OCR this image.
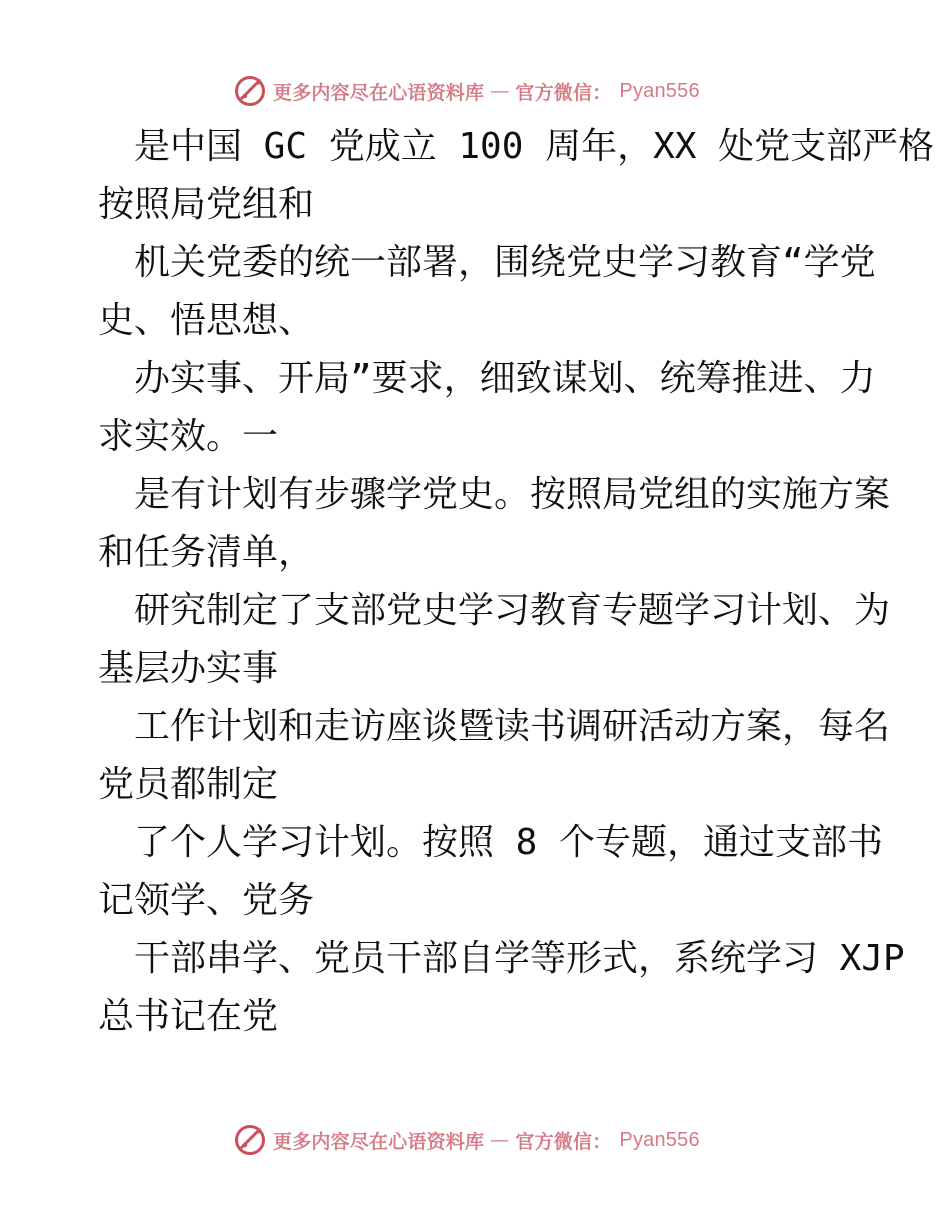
更多内容尽在心语资料库 — 官方微信： Pyan556
是中国 GC 党成立 100 周年，XX 处党支部严格
按照局党组和
机关党委的统一部署，围绕党史学习教育“学党
史、悟思想、
办实事、开局”要求，细致谋划、统筹推进、力
求实效。一
是有计划有步骤学党史。按照局党组的实施方案
和任务清单，
研究制定了支部党史学习教育专题学习计划、为
基层办实事
工作计划和走访座谈暨读书调研活动方案，每名
党员都制定
了个人学习计划。按照 8 个专题，通过支部书
记领学、党务
干部串学、党员干部自学等形式，系统学习 XJP
总书记在党
更多内容尽在心语资料库 — 官方微信： Pyan556
